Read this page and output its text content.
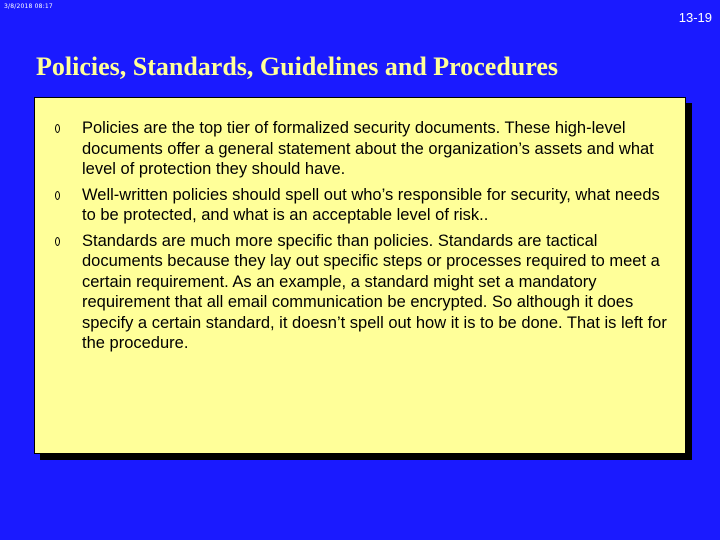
3/8/2018 08:17
13-19
Policies, Standards, Guidelines and Procedures
Policies are the top tier of formalized security documents. These high-level documents offer a general statement about the organization’s assets and what level of protection they should have.
Well-written policies should spell out who’s responsible for security, what needs to be protected, and what is an acceptable level of risk..
Standards are much more specific than policies. Standards are tactical documents because they lay out specific steps or processes required to meet a certain requirement. As an example, a standard might set a mandatory requirement that all email communication be encrypted. So although it does specify a certain standard, it doesn’t spell out how it is to be done. That is left for the procedure.
